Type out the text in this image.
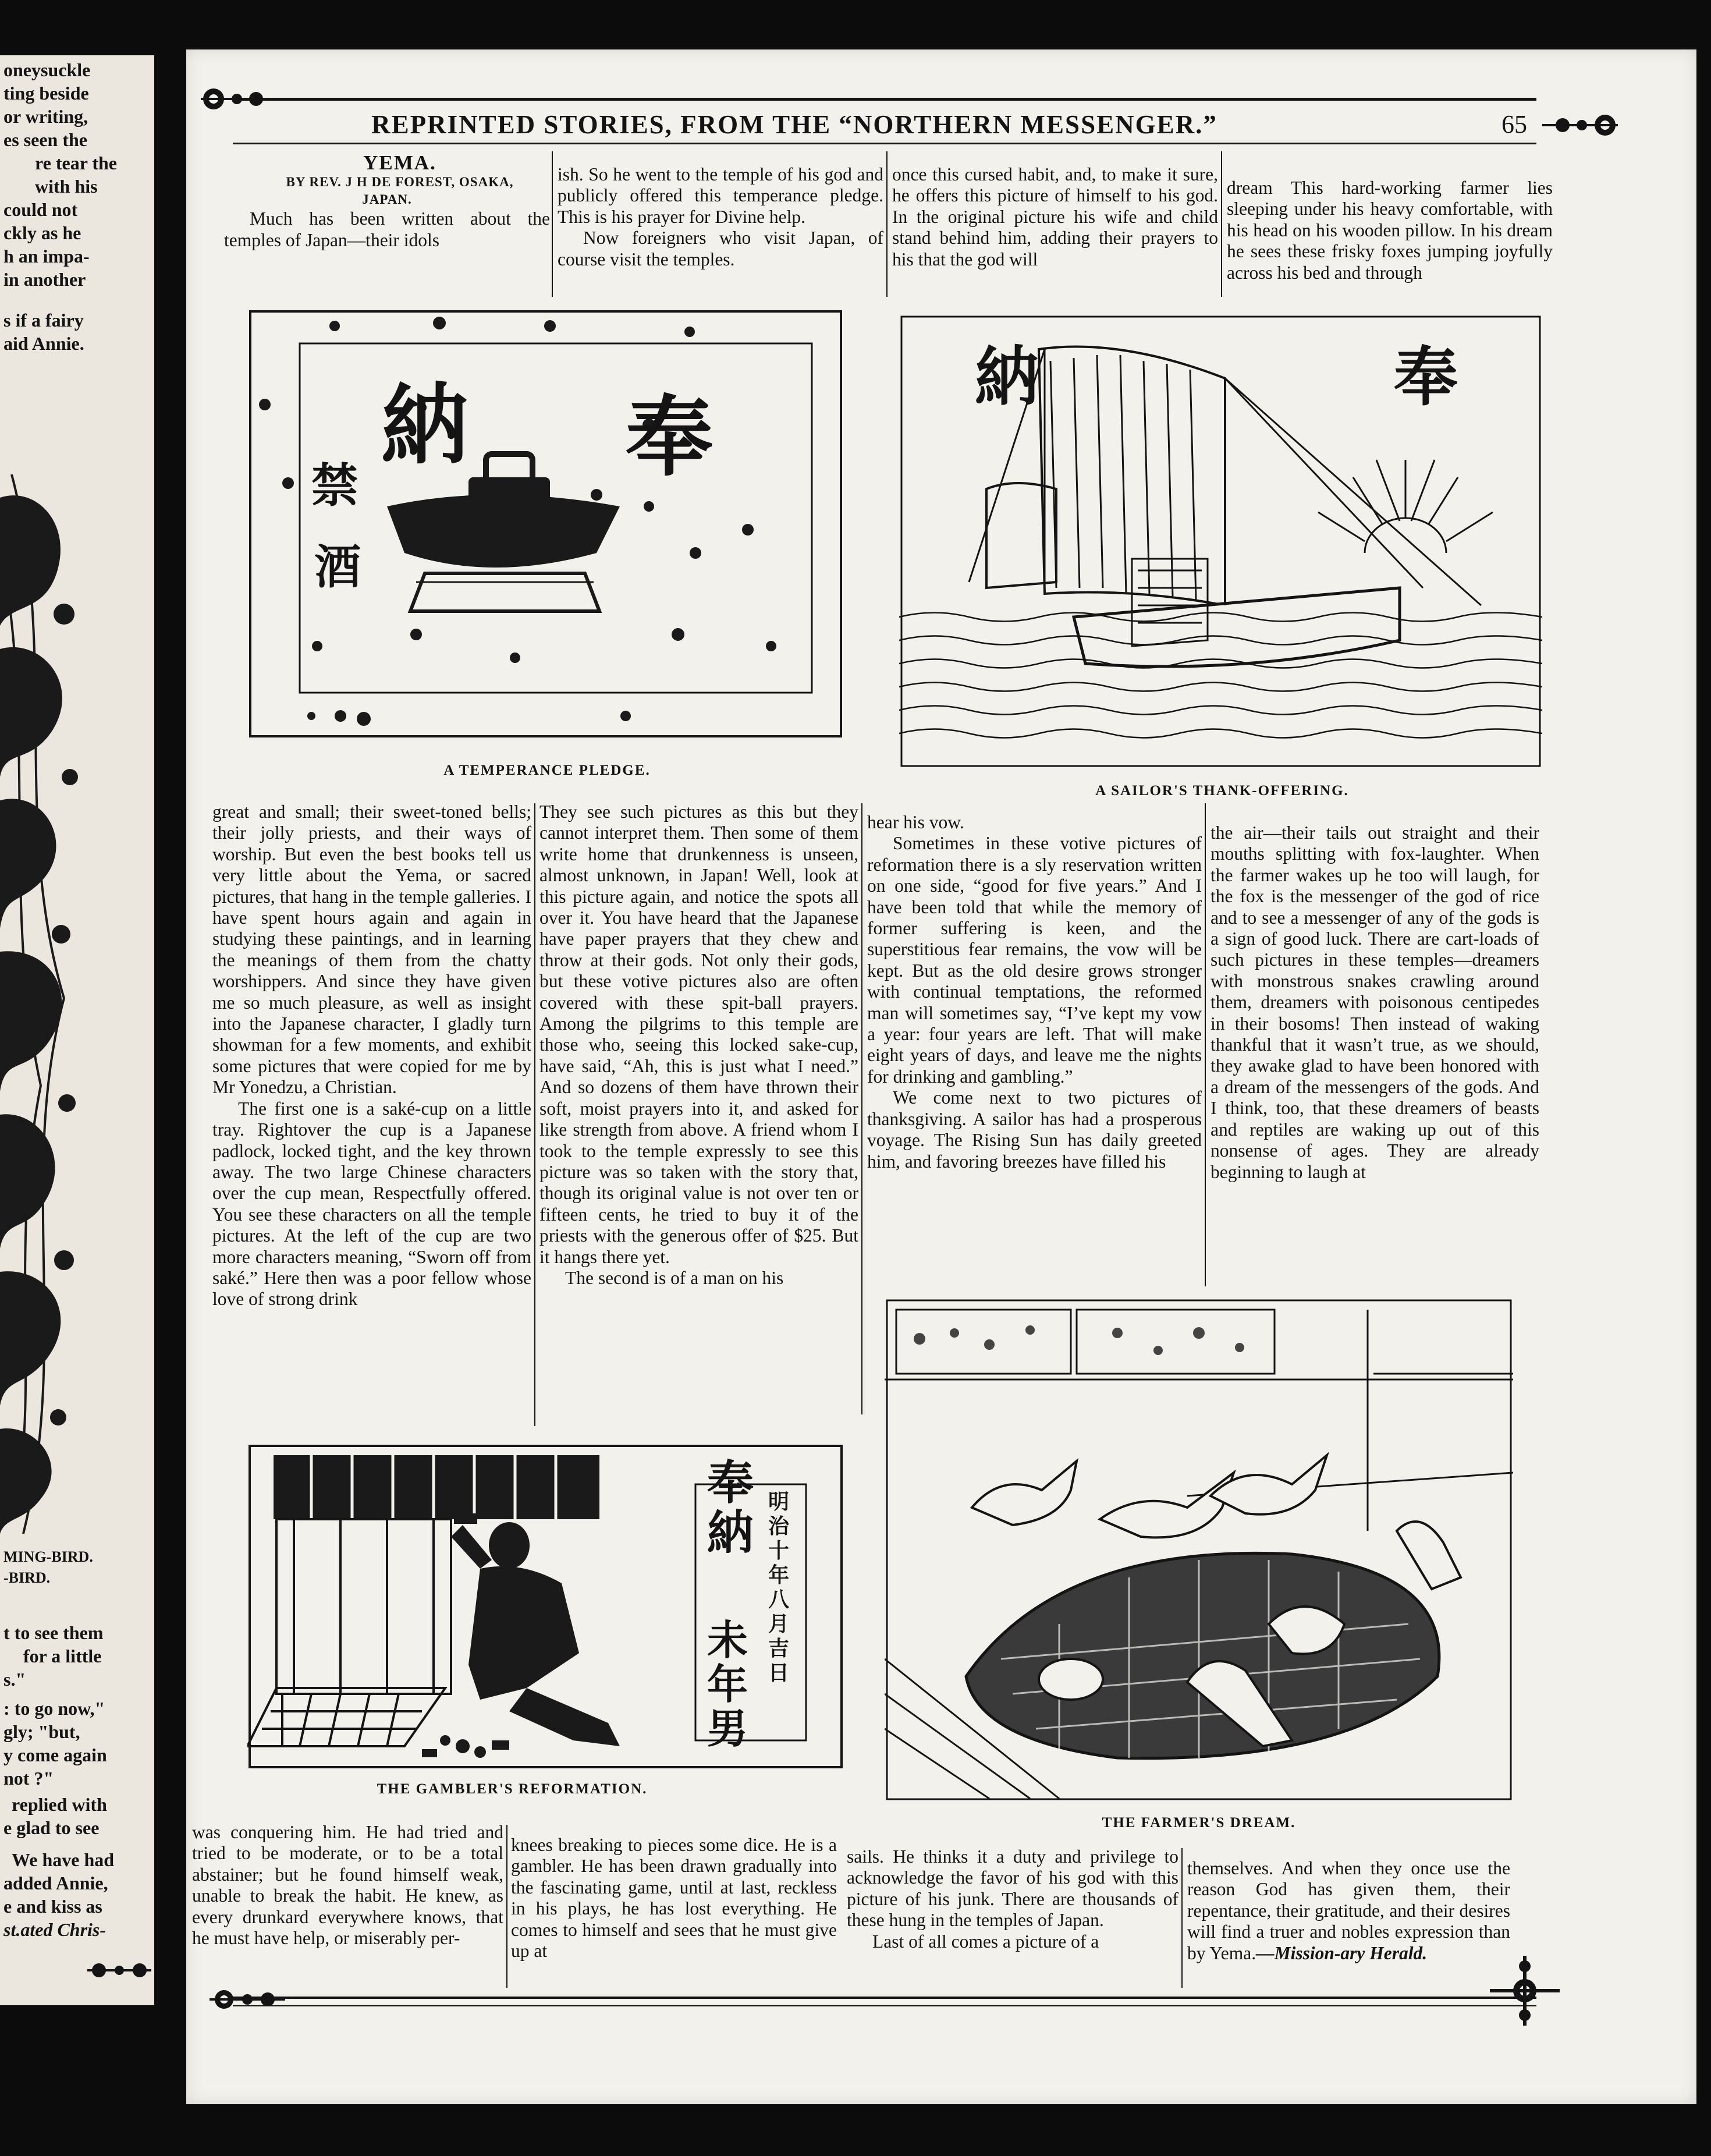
oneysuckle
ting beside
or writing,
es seen the
re tear the
with his
could not
ckly as he
h an impa-
in another
s if a fairy
aid Annie.
MING-BIRD.
-BIRD.
t to see them
for a little
s."
: to go now,"
gly; "but,
y come again
not ?"
replied with
e glad to see
We have had
added Annie,
e and kiss as
st.ated Chris-
REPRINTED STORIES, FROM THE “NORTHERN MESSENGER.”	65

YEMA.

BY REV. J H DE FOREST, OSAKA,
JAPAN.

Much has been written about the temples of Japan—their idols

ish. So he went to the temple of his god and publicly offered this temperance pledge. This is his prayer for Divine help.

Now foreigners who visit Japan, of course visit the temples.

once this cursed habit, and, to make it sure, he offers this picture of himself to his god. In the original picture his wife and child stand behind him, adding their prayers to his that the god will

dream This hard-working farmer lies sleeping under his heavy comfortable, with his head on his wooden pillow. In his dream he sees these frisky foxes jumping joyfully across his bed and through

納 奉
禁
酒
A TEMPERANCE PLEDGE.
納	奉
A SAILOR'S THANK-OFFERING.

great and small; their sweet-toned bells; their jolly priests, and their ways of worship. But even the best books tell us very little about the Yema, or sacred pictures, that hang in the temple galleries. I have spent hours again and again in studying these paintings, and in learning the meanings of them from the chatty worshippers. And since they have given me so much pleasure, as well as insight into the Japanese character, I gladly turn showman for a few moments, and exhibit some pictures that were copied for me by Mr Yonedzu, a Christian.

The first one is a saké-cup on a little tray. Rightover the cup is a Japanese padlock, locked tight, and the key thrown away. The two large Chinese characters over the cup mean, Respectfully offered. You see these characters on all the temple pictures. At the left of the cup are two more characters meaning, “Sworn off from saké.” Here then was a poor fellow whose love of strong drink

They see such pictures as this but they cannot interpret them. Then some of them write home that drunkenness is unseen, almost unknown, in Japan! Well, look at this picture again, and notice the spots all over it. You have heard that the Japanese have paper prayers that they chew and throw at their gods. Not only their gods, but these votive pictures also are often covered with these spit-ball prayers. Among the pilgrims to this temple are those who, seeing this locked sake-cup, have said, “Ah, this is just what I need.” And so dozens of them have thrown their soft, moist prayers into it, and asked for like strength from above. A friend whom I took to the temple expressly to see this picture was so taken with the story that, though its original value is not over ten or fifteen cents, he tried to buy it of the priests with the generous offer of $25. But it hangs there yet.

The second is of a man on his

hear his vow.

Sometimes in these votive pictures of reformation there is a sly reservation written on one side, “good for five years.” And I have been told that while the memory of former suffering is keen, and the superstitious fear remains, the vow will be kept. But as the old desire grows stronger with continual temptations, the reformed man will sometimes say, “I’ve kept my vow a year: four years are left. That will make eight years of days, and leave me the nights for drinking and gambling.”

We come next to two pictures of thanksgiving. A sailor has had a prosperous voyage. The Rising Sun has daily greeted him, and favoring breezes have filled his

the air—their tails out straight and their mouths splitting with fox-laughter. When the farmer wakes up he too will laugh, for the fox is the messenger of the god of rice and to see a messenger of any of the gods is a sign of good luck. There are cart-loads of such pictures in these temples—dreamers with monstrous snakes crawling around them, dreamers with poisonous centipedes in their bosoms! Then instead of waking thankful that it wasn’t true, as we should, they awake glad to have been honored with a dream of the messengers of the gods. And I think, too, that these dreamers of beasts and reptiles are waking up out of this nonsense of ages. They are already beginning to laugh at

奉納
明治十年八月吉日
未年男
THE GAMBLER'S REFORMATION.
THE FARMER'S DREAM.

was conquering him. He had tried and tried to be moderate, or to be a total abstainer; but he found himself weak, unable to break the habit. He knew, as every drunkard everywhere knows, that he must have help, or miserably per-

knees breaking to pieces some dice. He is a gambler. He has been drawn gradually into the fascinating game, until at last, reckless in his plays, he has lost everything. He comes to himself and sees that he must give up at

sails. He thinks it a duty and privilege to acknowledge the favor of his god with this picture of his junk. There are thousands of these hung in the temples of Japan.

Last of all comes a picture of a

themselves. And when they once use the reason God has given them, their repentance, their gratitude, and their desires will find a truer and nobles expression than by Yema.—Mission-ary Herald.
